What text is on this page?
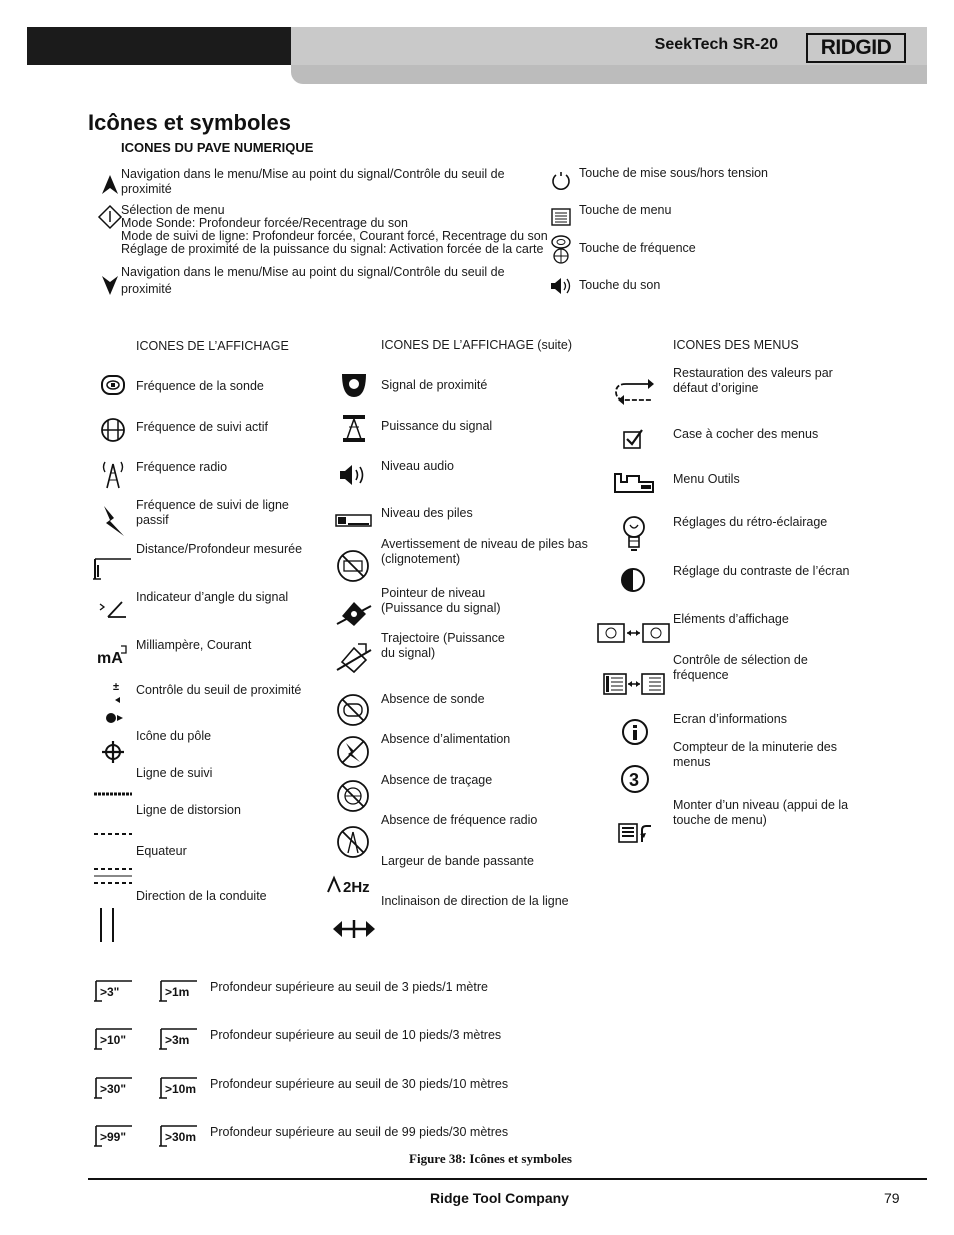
SeekTech SR-20	RIDGID
Icônes et symboles
ICONES DU PAVE NUMERIQUE
Navigation dans le menu/Mise au point du signal/Contrôle du seuil de
proximité
Sélection de menu
Mode Sonde: Profondeur forcée/Recentrage du son
Mode de suivi de ligne: Profondeur forcée, Courant forcé, Recentrage du son
Réglage de proximité de la puissance du signal: Activation forcée de la carte
Navigation dans le menu/Mise au point du signal/Contrôle du seuil de
proximité
Touche de mise sous/hors tension
Touche de menu
Touche de fréquence
Touche du son
ICONES DE L’AFFICHAGE	ICONES DE L’AFFICHAGE (suite)	ICONES DES MENUS
Fréquence de la sonde
Fréquence de suivi actif
Fréquence radio
Fréquence de suivi de ligne passif
Distance/Profondeur mesurée
Indicateur d’angle du signal
mA
Milliampère, Courant
± Contrôle du seuil de proximité
Icône du pôle
Ligne de suivi
Ligne de distorsion
Equateur
Direction de la conduite
Signal de proximité
Puissance du signal
Niveau audio
Niveau des piles
Avertissement de niveau de piles bas (clignotement)
Pointeur de niveau (Puissance du signal)
Trajectoire (Puissance du signal)
Absence de sonde
Absence d’alimentation
Absence de traçage
Absence de fréquence radio
2Hz
Largeur de bande passante
Inclinaison de direction de la ligne
Restauration des valeurs par défaut d’origine
Case à cocher des menus
Menu Outils
Réglages du rétro-éclairage
Réglage du contraste de l’écran
Eléments d’affichage
Contrôle de sélection de fréquence
Ecran d’informations
3
Compteur de la minuterie des menus
Monter d’un niveau (appui de la touche de menu)
>3"	>1m Profondeur supérieure au seuil de 3 pieds/1 mètre
>10"	>3m Profondeur supérieure au seuil de 10 pieds/3 mètres
>30"	>10m Profondeur supérieure au seuil de 30 pieds/10 mètres
>99"	>30m Profondeur supérieure au seuil de 99 pieds/30 mètres
Figure 38: Icônes et symboles
Ridge Tool Company	79
